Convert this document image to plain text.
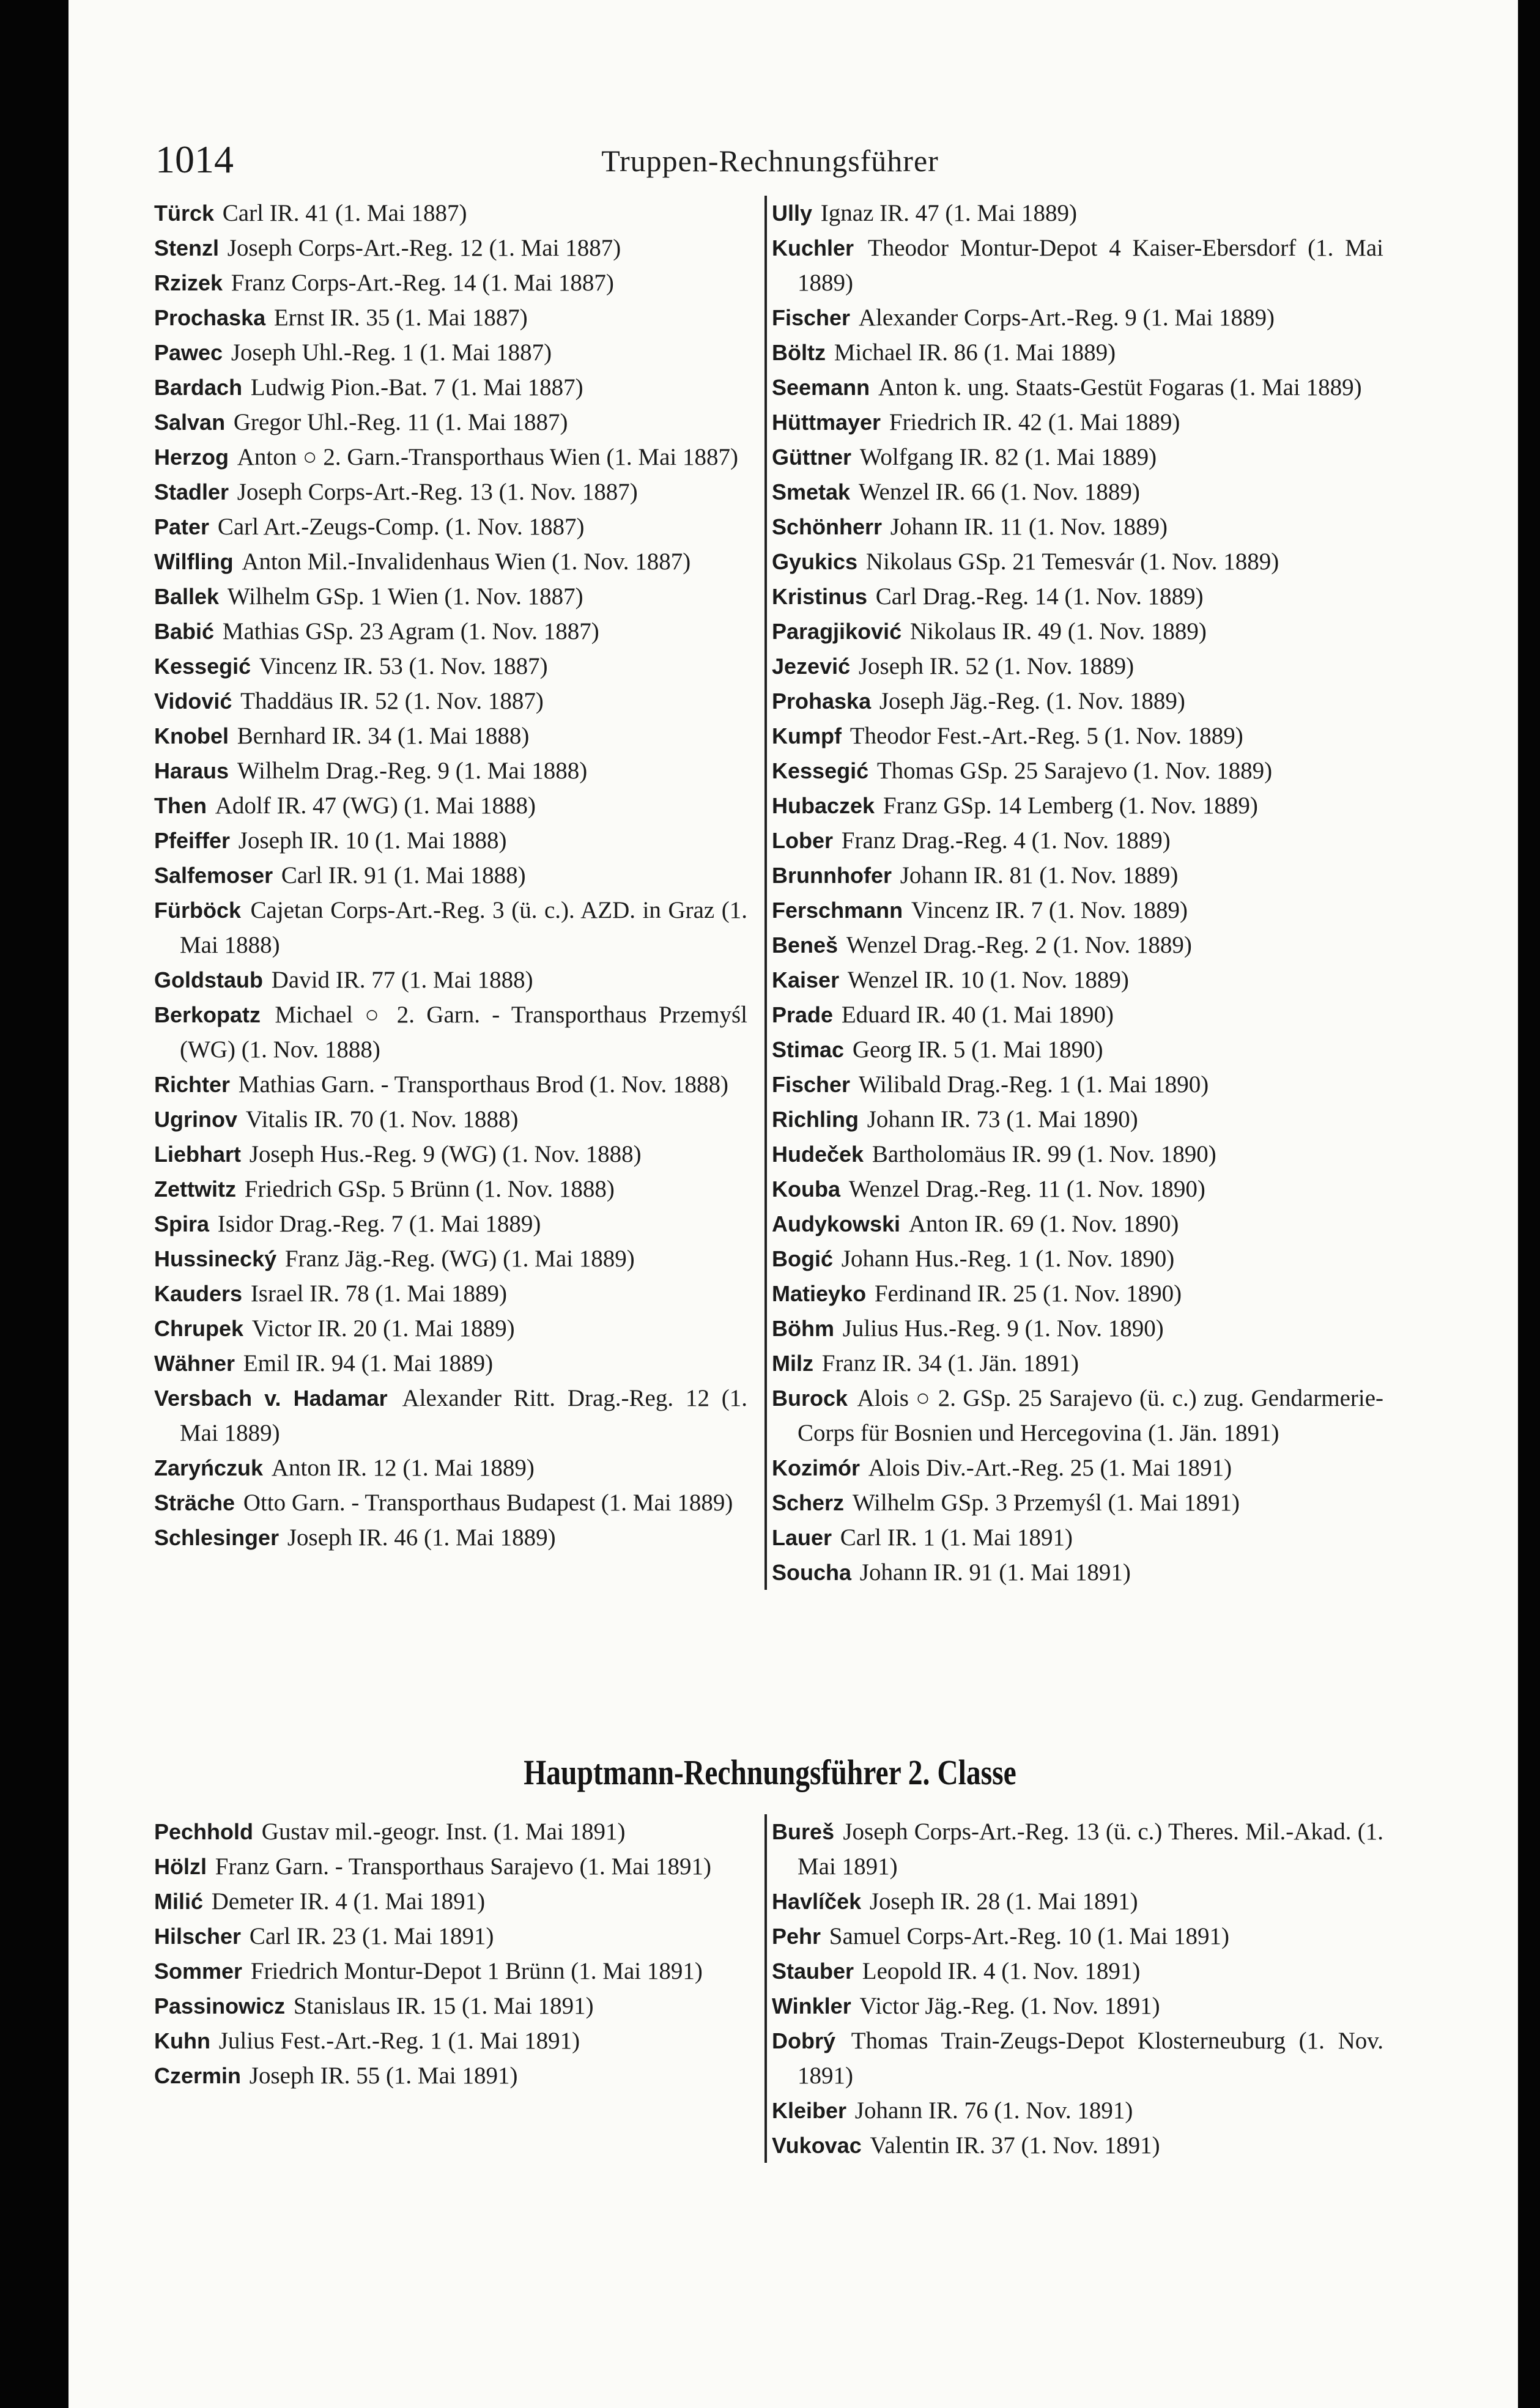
1014	Truppen-Rechnungsführer
Türck Carl IR. 41 (1. Mai 1887)
Stenzl Joseph Corps-Art.-Reg. 12 (1. Mai 1887)
Rzizek Franz Corps-Art.-Reg. 14 (1. Mai 1887)
Prochaska Ernst IR. 35 (1. Mai 1887)
Pawec Joseph Uhl.-Reg. 1 (1. Mai 1887)
Bardach Ludwig Pion.-Bat. 7 (1. Mai 1887)
Salvan Gregor Uhl.-Reg. 11 (1. Mai 1887)
Herzog Anton ○ 2. Garn.-Transporthaus Wien (1. Mai 1887)
Stadler Joseph Corps-Art.-Reg. 13 (1. Nov. 1887)
Pater Carl Art.-Zeugs-Comp. (1. Nov. 1887)
Wilfling Anton Mil.-Invalidenhaus Wien (1. Nov. 1887)
Ballek Wilhelm GSp. 1 Wien (1. Nov. 1887)
Babić Mathias GSp. 23 Agram (1. Nov. 1887)
Kessegić Vincenz IR. 53 (1. Nov. 1887)
Vidović Thaddäus IR. 52 (1. Nov. 1887)
Knobel Bernhard IR. 34 (1. Mai 1888)
Haraus Wilhelm Drag.-Reg. 9 (1. Mai 1888)
Then Adolf IR. 47 (WG) (1. Mai 1888)
Pfeiffer Joseph IR. 10 (1. Mai 1888)
Salfemoser Carl IR. 91 (1. Mai 1888)
Fürböck Cajetan Corps-Art.-Reg. 3 (ü. c.). AZD. in Graz (1. Mai 1888)
Goldstaub David IR. 77 (1. Mai 1888)
Berkopatz Michael ○ 2. Garn. - Transporthaus Przemyśl (WG) (1. Nov. 1888)
Richter Mathias Garn. - Transporthaus Brod (1. Nov. 1888)
Ugrinov Vitalis IR. 70 (1. Nov. 1888)
Liebhart Joseph Hus.-Reg. 9 (WG) (1. Nov. 1888)
Zettwitz Friedrich GSp. 5 Brünn (1. Nov. 1888)
Spira Isidor Drag.-Reg. 7 (1. Mai 1889)
Hussinecký Franz Jäg.-Reg. (WG) (1. Mai 1889)
Kauders Israel IR. 78 (1. Mai 1889)
Chrupek Victor IR. 20 (1. Mai 1889)
Wähner Emil IR. 94 (1. Mai 1889)
Versbach v. Hadamar Alexander Ritt. Drag.-Reg. 12 (1. Mai 1889)
Zaryńczuk Anton IR. 12 (1. Mai 1889)
Sträche Otto Garn. - Transporthaus Budapest (1. Mai 1889)
Schlesinger Joseph IR. 46 (1. Mai 1889)
Ully Ignaz IR. 47 (1. Mai 1889)
Kuchler Theodor Montur-Depot 4 Kaiser-Ebersdorf (1. Mai 1889)
Fischer Alexander Corps-Art.-Reg. 9 (1. Mai 1889)
Böltz Michael IR. 86 (1. Mai 1889)
Seemann Anton k. ung. Staats-Gestüt Fogaras (1. Mai 1889)
Hüttmayer Friedrich IR. 42 (1. Mai 1889)
Güttner Wolfgang IR. 82 (1. Mai 1889)
Smetak Wenzel IR. 66 (1. Nov. 1889)
Schönherr Johann IR. 11 (1. Nov. 1889)
Gyukics Nikolaus GSp. 21 Temesvár (1. Nov. 1889)
Kristinus Carl Drag.-Reg. 14 (1. Nov. 1889)
Paragjiković Nikolaus IR. 49 (1. Nov. 1889)
Jezević Joseph IR. 52 (1. Nov. 1889)
Prohaska Joseph Jäg.-Reg. (1. Nov. 1889)
Kumpf Theodor Fest.-Art.-Reg. 5 (1. Nov. 1889)
Kessegić Thomas GSp. 25 Sarajevo (1. Nov. 1889)
Hubaczek Franz GSp. 14 Lemberg (1. Nov. 1889)
Lober Franz Drag.-Reg. 4 (1. Nov. 1889)
Brunnhofer Johann IR. 81 (1. Nov. 1889)
Ferschmann Vincenz IR. 7 (1. Nov. 1889)
Beneš Wenzel Drag.-Reg. 2 (1. Nov. 1889)
Kaiser Wenzel IR. 10 (1. Nov. 1889)
Prade Eduard IR. 40 (1. Mai 1890)
Stimac Georg IR. 5 (1. Mai 1890)
Fischer Wilibald Drag.-Reg. 1 (1. Mai 1890)
Richling Johann IR. 73 (1. Mai 1890)
Hudeček Bartholomäus IR. 99 (1. Nov. 1890)
Kouba Wenzel Drag.-Reg. 11 (1. Nov. 1890)
Audykowski Anton IR. 69 (1. Nov. 1890)
Bogić Johann Hus.-Reg. 1 (1. Nov. 1890)
Matieyko Ferdinand IR. 25 (1. Nov. 1890)
Böhm Julius Hus.-Reg. 9 (1. Nov. 1890)
Milz Franz IR. 34 (1. Jän. 1891)
Burock Alois ○ 2. GSp. 25 Sarajevo (ü. c.) zug. Gendarmerie-Corps für Bosnien und Hercegovina (1. Jän. 1891)
Kozimór Alois Div.-Art.-Reg. 25 (1. Mai 1891)
Scherz Wilhelm GSp. 3 Przemyśl (1. Mai 1891)
Lauer Carl IR. 1 (1. Mai 1891)
Soucha Johann IR. 91 (1. Mai 1891)
Hauptmann-Rechnungsführer 2. Classe
Pechhold Gustav mil.-geogr. Inst. (1. Mai 1891)
Hölzl Franz Garn. - Transporthaus Sarajevo (1. Mai 1891)
Milić Demeter IR. 4 (1. Mai 1891)
Hilscher Carl IR. 23 (1. Mai 1891)
Sommer Friedrich Montur-Depot 1 Brünn (1. Mai 1891)
Passinowicz Stanislaus IR. 15 (1. Mai 1891)
Kuhn Julius Fest.-Art.-Reg. 1 (1. Mai 1891)
Czermin Joseph IR. 55 (1. Mai 1891)
Bureš Joseph Corps-Art.-Reg. 13 (ü. c.) Theres. Mil.-Akad. (1. Mai 1891)
Havlíček Joseph IR. 28 (1. Mai 1891)
Pehr Samuel Corps-Art.-Reg. 10 (1. Mai 1891)
Stauber Leopold IR. 4 (1. Nov. 1891)
Winkler Victor Jäg.-Reg. (1. Nov. 1891)
Dobrý Thomas Train-Zeugs-Depot Klosterneuburg (1. Nov. 1891)
Kleiber Johann IR. 76 (1. Nov. 1891)
Vukovac Valentin IR. 37 (1. Nov. 1891)
